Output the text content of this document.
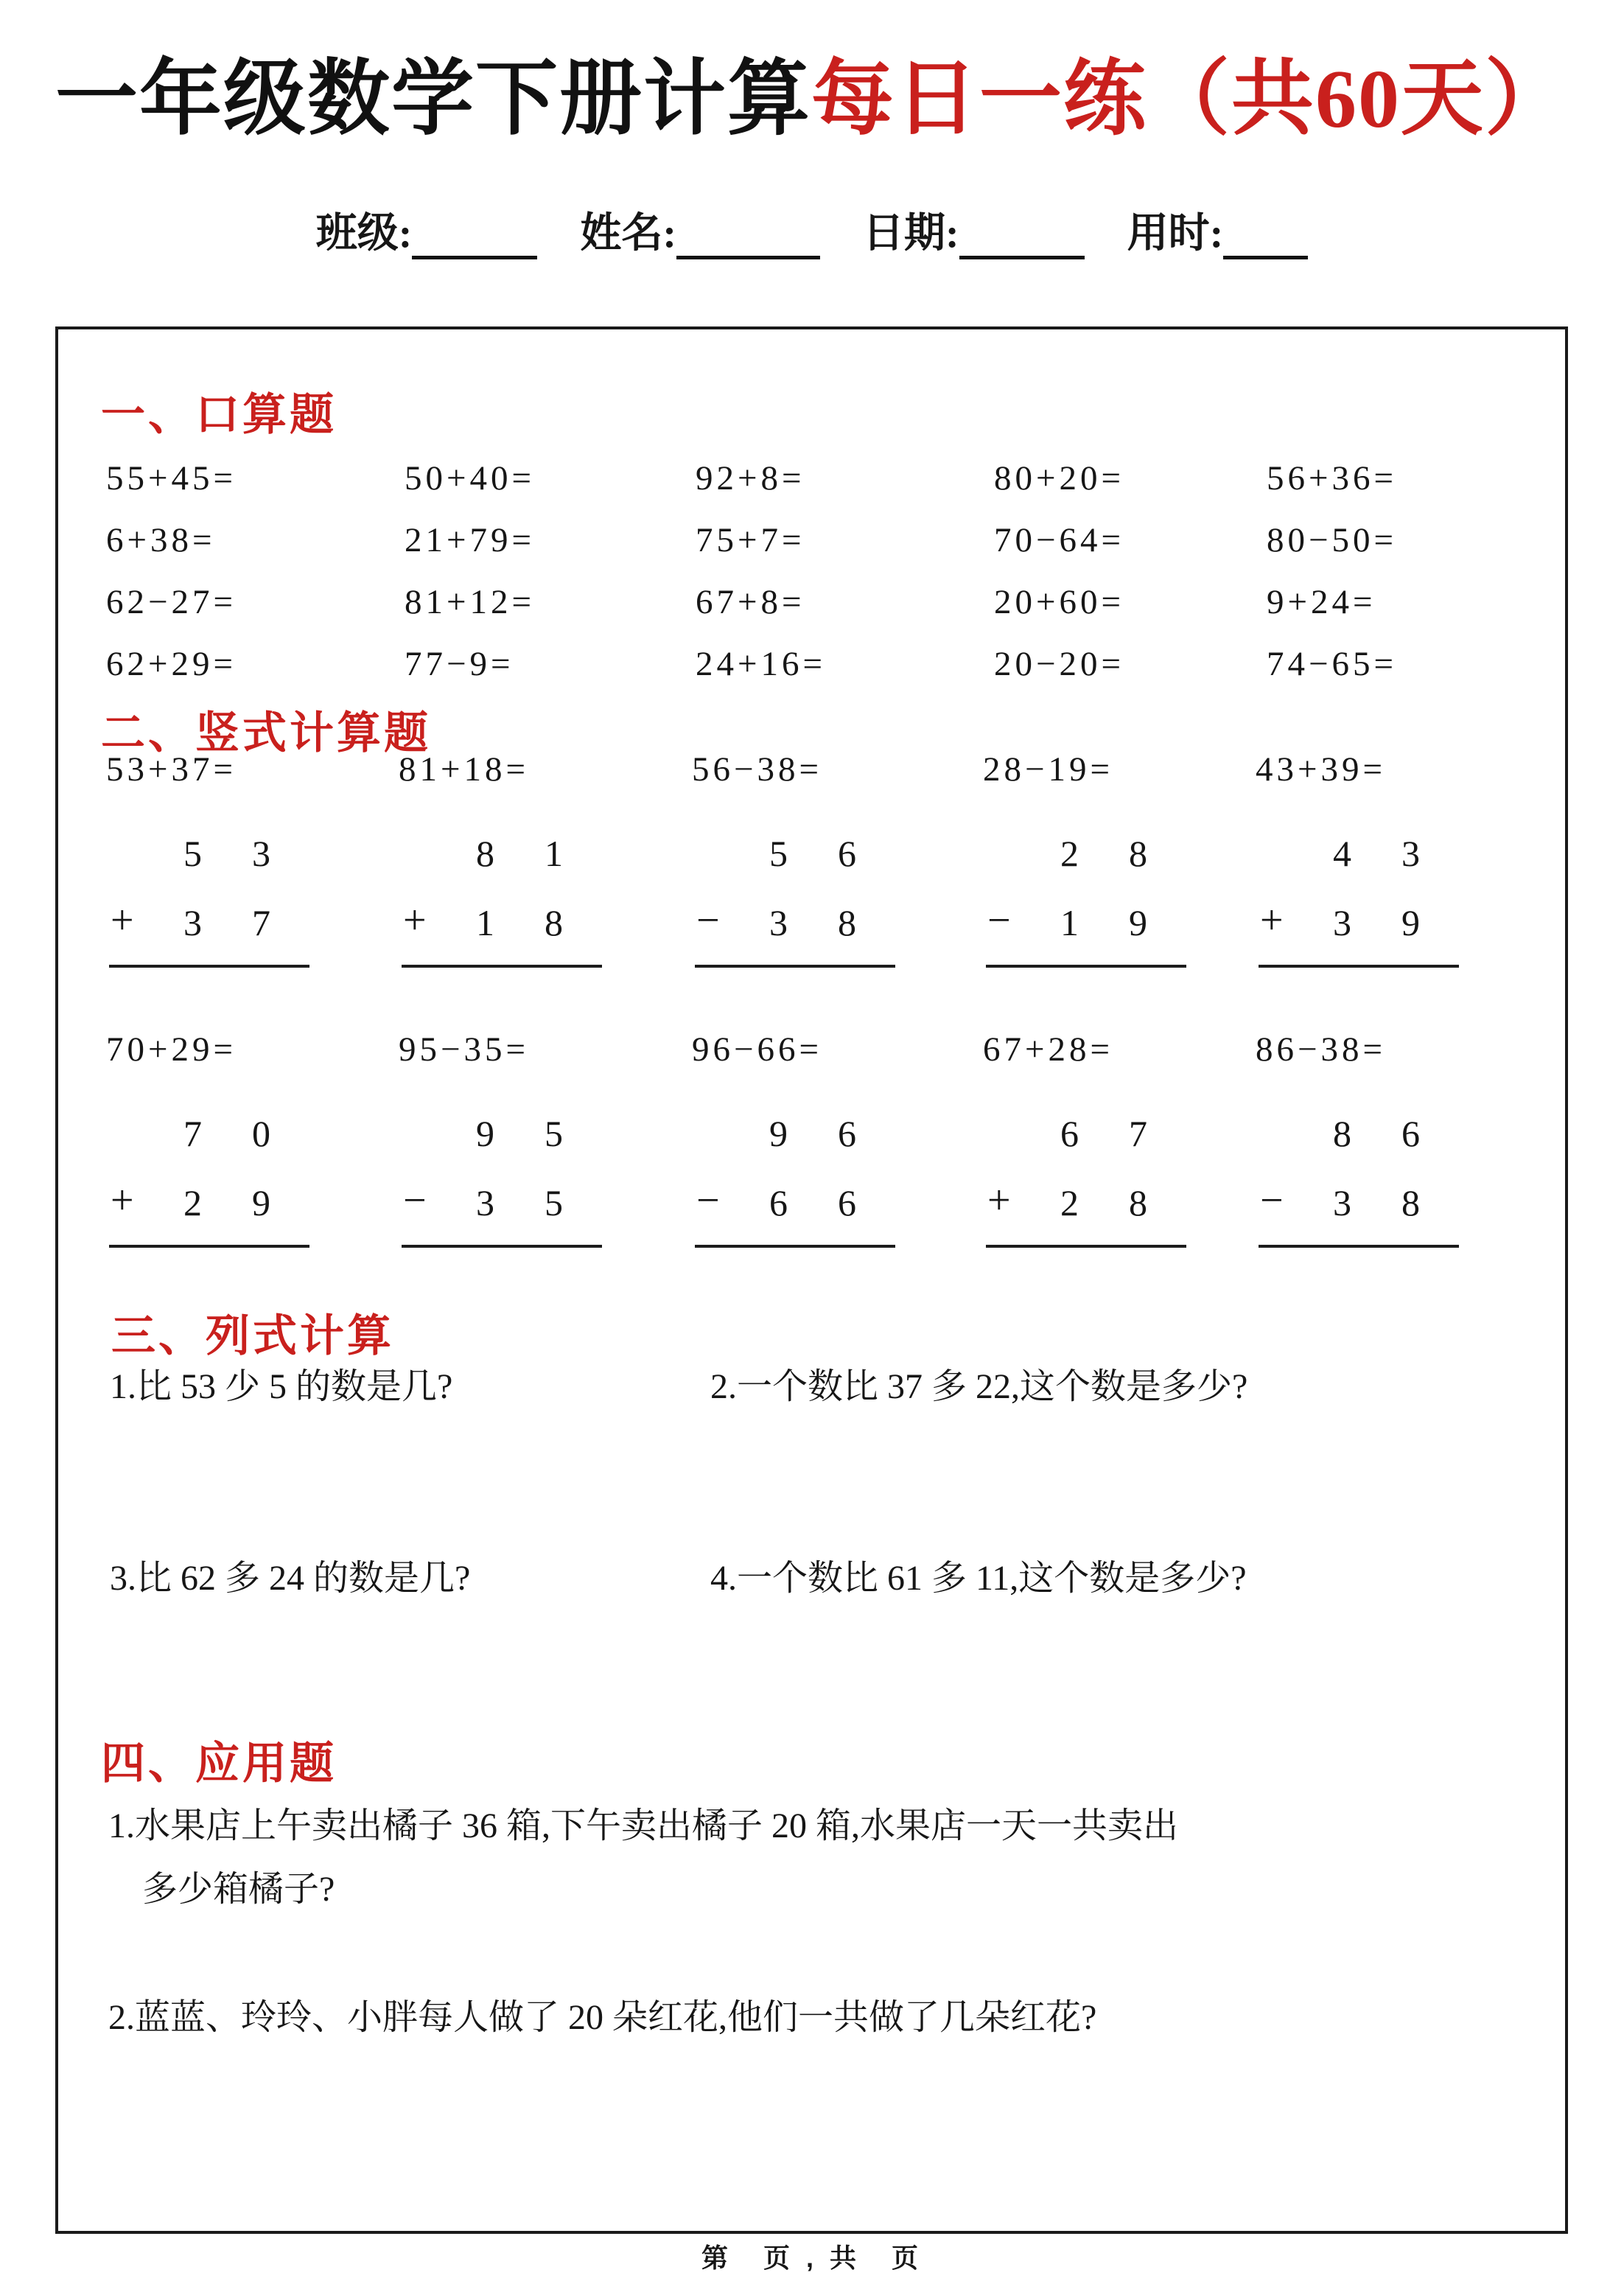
一年级数学下册计算每日一练（共60天）
班级:	姓名:	日期:	用时:
一、口算题
55+45=	50+40=	92+8=	80+20=	56+36=
6+38=	21+79=	75+7=	70−64=	80−50=
62−27=	81+12=	67+8=	20+60=	9+24=
62+29=	77−9=	24+16=	20−20=	74−65=
二、竖式计算题
53+37=
53
+ 37
81+18=
81
+ 18
56−38=
56
− 38
28−19=
28
− 19
43+39=
43
+ 39
70+29=
70
+ 29
95−35=
95
− 35
96−66=
96
− 66
67+28=
67
+ 28
86−38=
86
− 38
三、列式计算
1.比 53 少 5 的数是几?	2.一个数比 37 多 22,这个数是多少?
3.比 62 多 24 的数是几?	4.一个数比 61 多 11,这个数是多少?
四、应用题
1.水果店上午卖出橘子 36 箱,下午卖出橘子 20 箱,水果店一天一共卖出
多少箱橘子?
2.蓝蓝、玲玲、小胖每人做了 20 朵红花,他们一共做了几朵红花?
第　页 , 共　页
